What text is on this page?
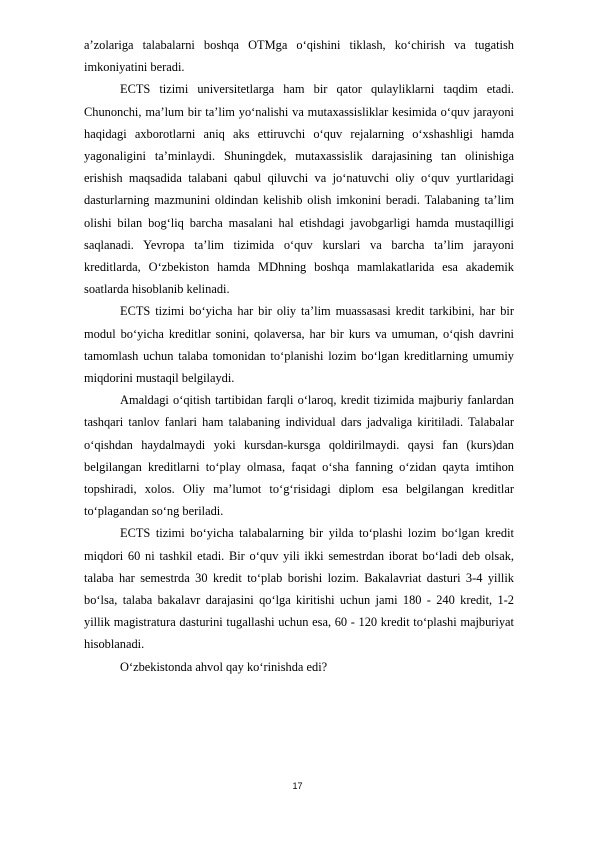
a’zolariga talabalarni boshqa OTMga o‘qishini tiklash, ko‘chirish va tugatish imkoniyatini beradi.

ECTS tizimi universitetlarga ham bir qator qulayliklarni taqdim etadi. Chunonchi, ma’lum bir ta’lim yo‘nalishi va mutaxassisliklar kesimida o‘quv jarayoni haqidagi axborotlarni aniq aks ettiruvchi o‘quv rejalarning o‘xshashligi hamda yagonaligini ta’minlaydi. Shuningdek, mutaxassislik darajasining tan olinishiga erishish maqsadida talabani qabul qiluvchi va jo‘natuvchi oliy o‘quv yurtlaridagi dasturlarning mazmunini oldindan kelishib olish imkonini beradi. Talabaning ta’lim olishi bilan bog‘liq barcha masalani hal etishdagi javobgarligi hamda mustaqilligi saqlanadi. Yevropa ta’lim tizimida o‘quv kurslari va barcha ta’lim jarayoni kreditlarda, O‘zbekiston hamda MDhning boshqa mamlakatlarida esa akademik soatlarda hisoblanib kelinadi.

ECTS tizimi bo‘yicha har bir oliy ta’lim muassasasi kredit tarkibini, har bir modul bo‘yicha kreditlar sonini, qolaversa, har bir kurs va umuman, o‘qish davrini tamomlash uchun talaba tomonidan to‘planishi lozim bo‘lgan kreditlarning umumiy miqdorini mustaqil belgilaydi.

Amaldagi o‘qitish tartibidan farqli o‘laroq, kredit tizimida majburiy fanlardan tashqari tanlov fanlari ham talabaning individual dars jadvaliga kiritiladi. Talabalar o‘qishdan haydalmaydi yoki kursdan-kursga qoldirilmaydi. qaysi fan (kurs)dan belgilangan kreditlarni to‘play olmasa, faqat o‘sha fanning o‘zidan qayta imtihon topshiradi, xolos. Oliy ma’lumot to‘g‘risidagi diplom esa belgilangan kreditlar to‘plagandan so‘ng beriladi.

ECTS tizimi bo‘yicha talabalarning bir yilda to‘plashi lozim bo‘lgan kredit miqdori 60 ni tashkil etadi. Bir o‘quv yili ikki semestrdan iborat bo‘ladi deb olsak, talaba har semestrda 30 kredit to‘plab borishi lozim. Bakalavriat dasturi 3-4 yillik bo‘lsa, talaba bakalavr darajasini qo‘lga kiritishi uchun jami 180 - 240 kredit, 1-2 yillik magistratura dasturini tugallashi uchun esa, 60 - 120 kredit to‘plashi majburiyat hisoblanadi.

O‘zbekistonda ahvol qay ko‘rinishda edi?

17
